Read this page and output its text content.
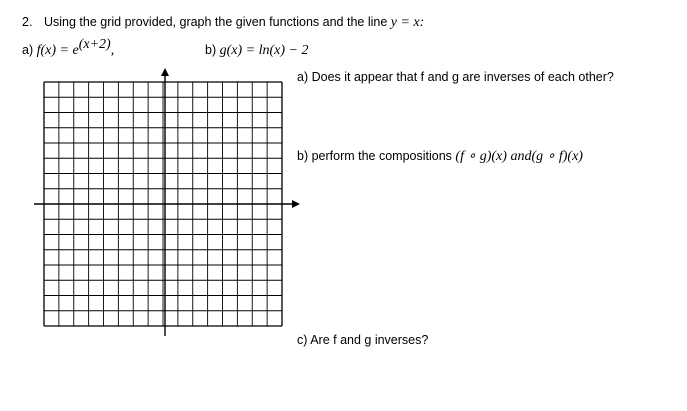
2. Using the grid provided, graph the given functions and the line y = x:
a) $f(x) = e^{(x+2)}$,	b) g(x) = ln(x) − 2
a) Does it appear that f and g are inverses of each other?
b) perform the compositions (f ∘ g)(x) and(g ∘ f)(x)
c) Are f and g inverses?
